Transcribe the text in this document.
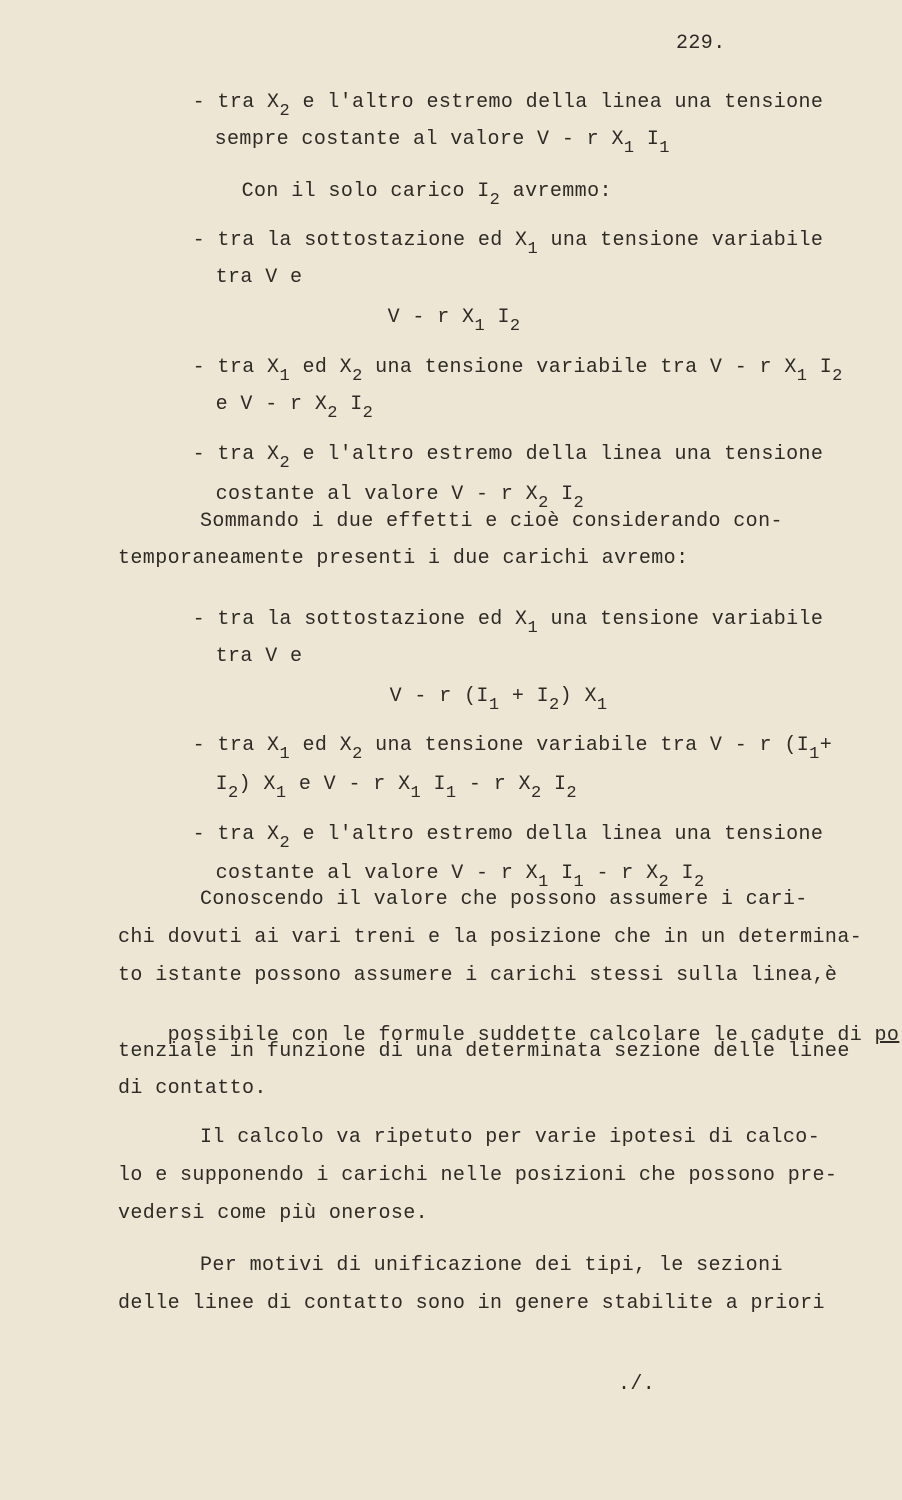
229.

- tra $X_2$ e l'altro estremo della linea una tensione

sempre costante al valore V - r $X_1$ $I_1$

Con il solo carico $I_2$ avremmo:

- tra la sottostazione ed $X_1$ una tensione variabile

tra V e

V - r $X_1$ $I_2$

- tra $X_1$ ed $X_2$ una tensione variabile tra V - r $X_1$ $I_2$

e V - r $X_2$ $I_2$

- tra $X_2$ e l'altro estremo della linea una tensione

costante al valore V - r $X_2$ $I_2$

Sommando i due effetti e cioè considerando con-
temporaneamente presenti i due carichi avremo:

- tra la sottostazione ed $X_1$ una tensione variabile

tra V e

V - r $(I_1 + I_2)$ $X_1$

- tra $X_1$ ed $X_2$ una tensione variabile tra V - r ($I_1+$

$I_2$) $X_1$ e V - r $X_1$ $I_1$ - r $X_2$ $I_2$

- tra $X_2$ e l'altro estremo della linea una tensione

costante al valore V - r $X_1$ $I_1$ - r $X_2$ $I_2$

Conoscendo il valore che possono assumere i cari-
chi dovuti ai vari treni e la posizione che in un determina-
to istante possono assumere i carichi stessi sulla linea,è

possibile con le formule suddette calcolare le cadute di po

tenziale in funzione di una determinata sezione delle linee
di contatto.
Il calcolo va ripetuto per varie ipotesi di calco-
lo e supponendo i carichi nelle posizioni che possono pre-
vedersi come più onerose.
Per motivi di unificazione dei tipi, le sezioni
delle linee di contatto sono in genere stabilite a priori
./.
